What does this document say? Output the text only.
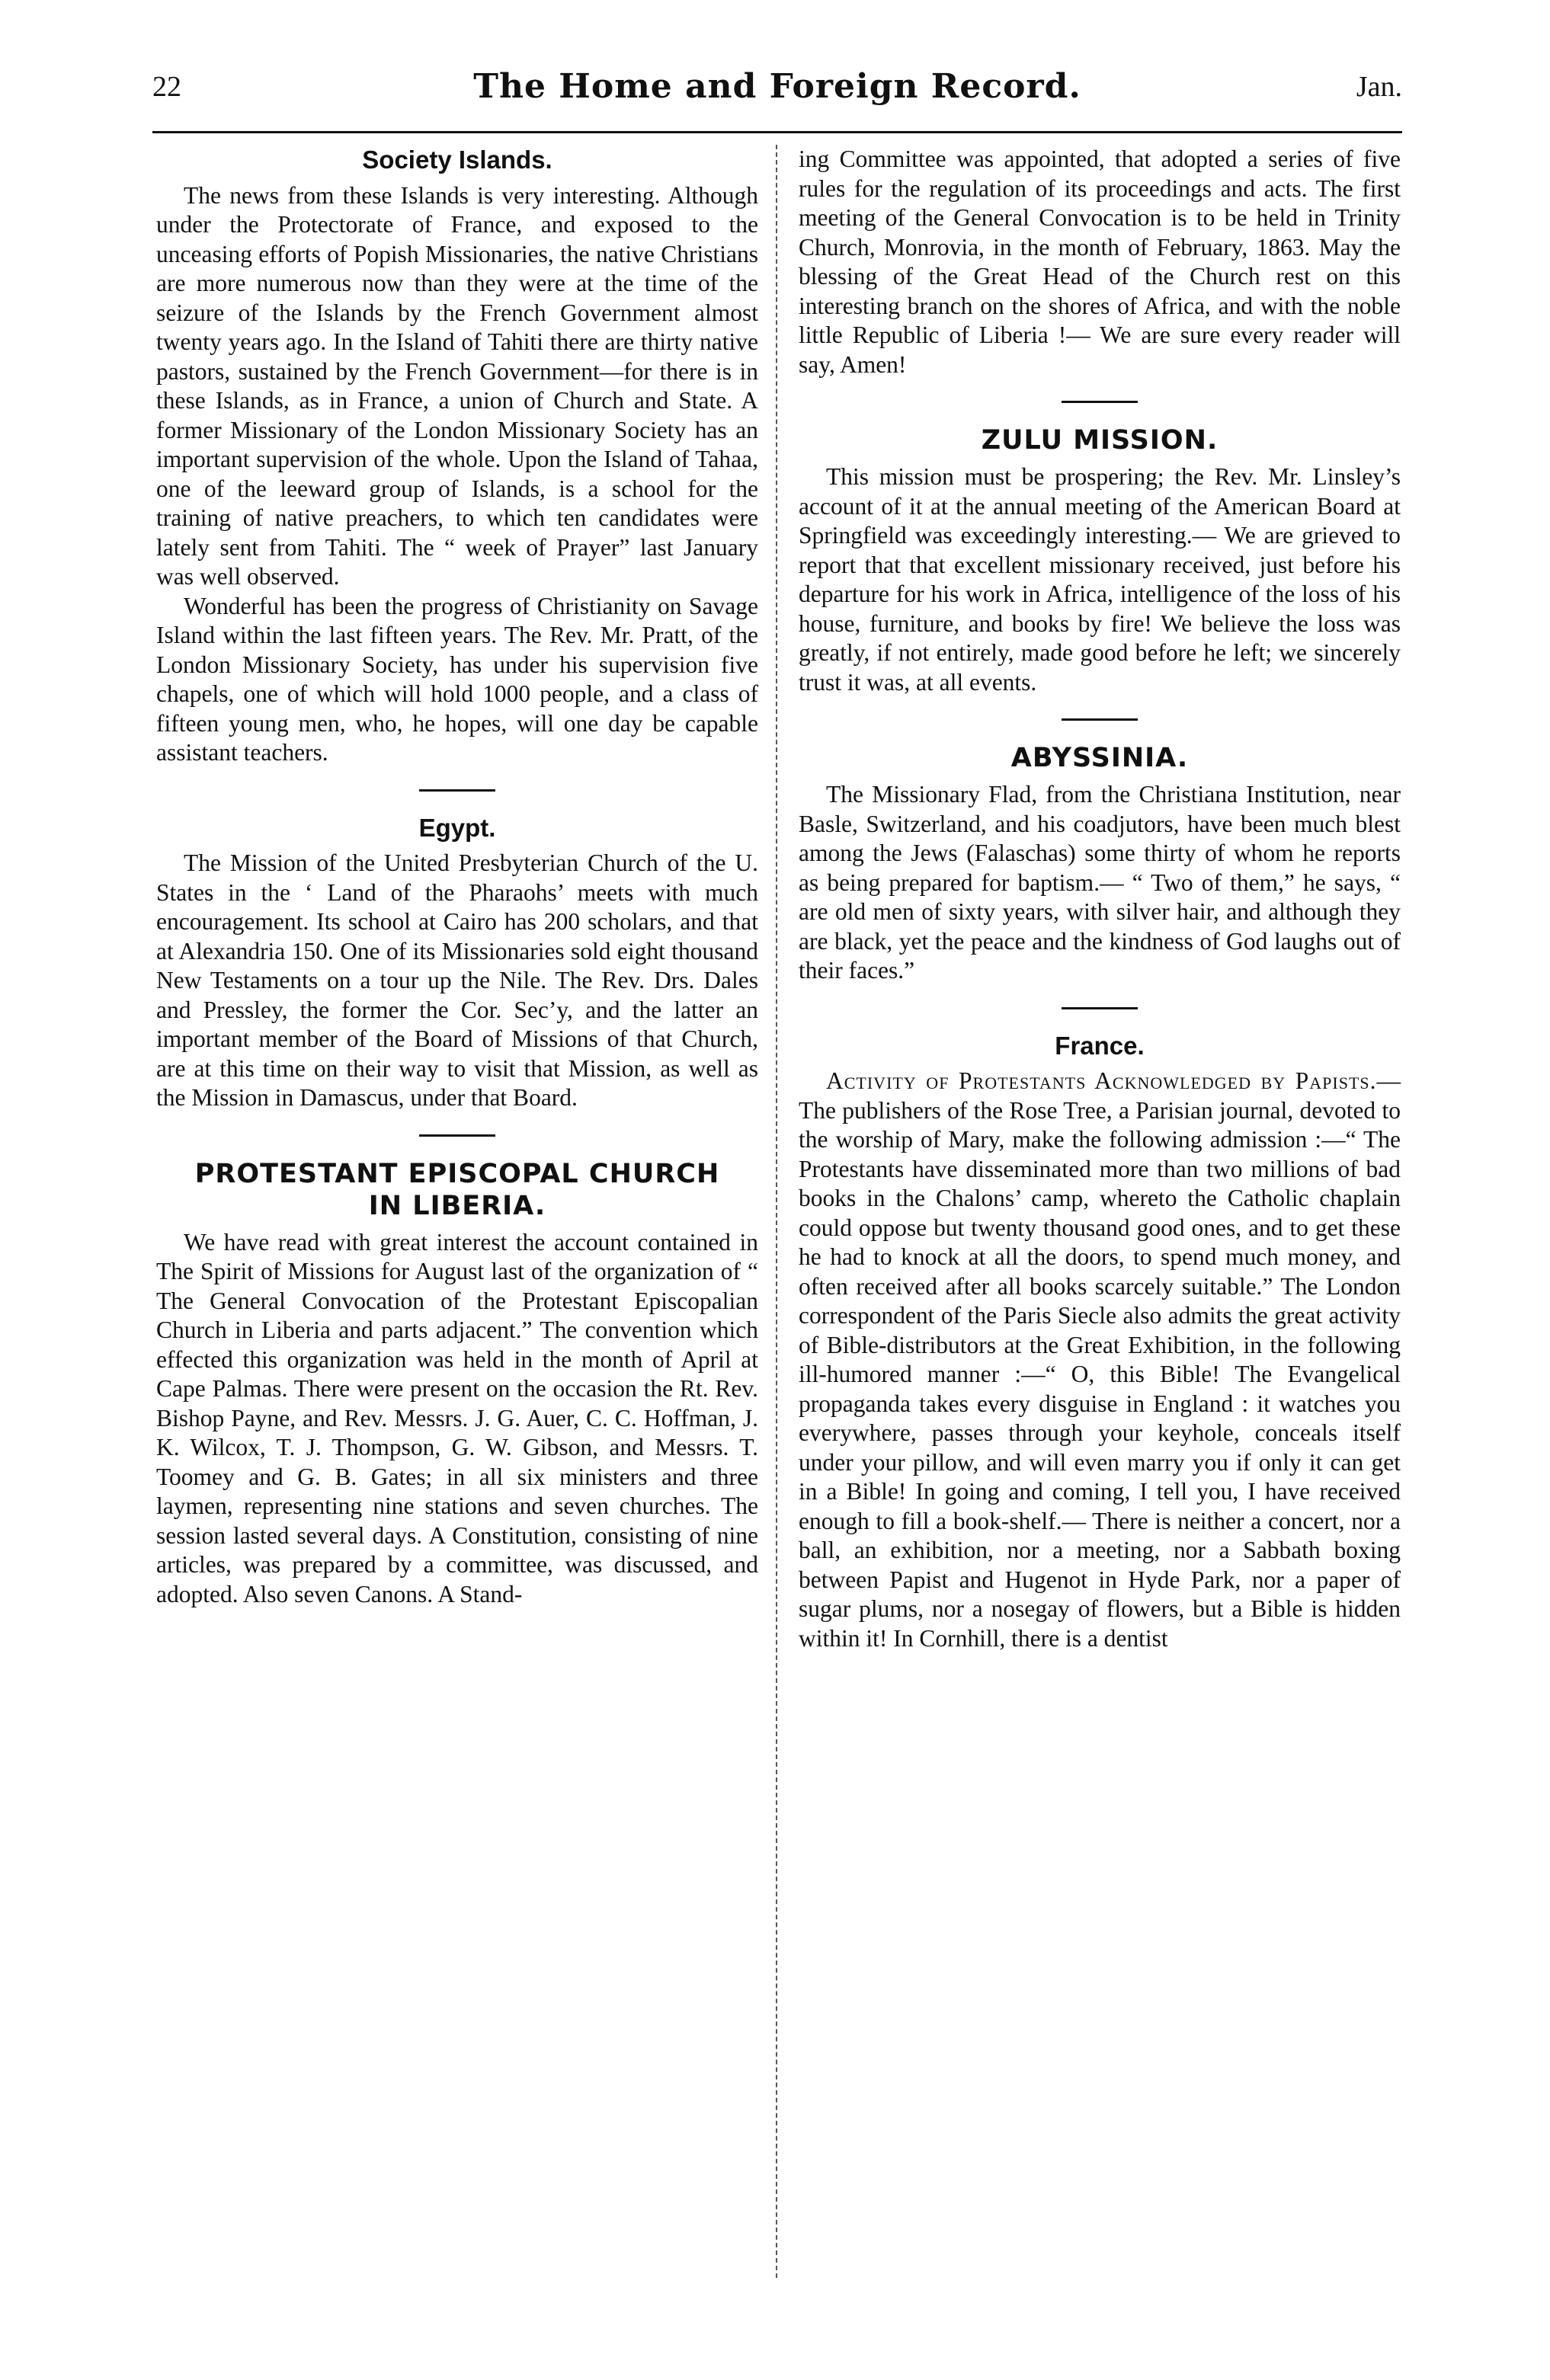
22	The Home and Foreign Record.	Jan.
Society Islands.

The news from these Islands is very interesting. Although under the Protectorate of France, and exposed to the unceasing efforts of Popish Missionaries, the native Christians are more numerous now than they were at the time of the seizure of the Islands by the French Government almost twenty years ago. In the Island of Tahiti there are thirty native pastors, sustained by the French Government—for there is in these Islands, as in France, a union of Church and State. A former Missionary of the London Missionary Society has an important supervision of the whole. Upon the Island of Tahaa, one of the leeward group of Islands, is a school for the training of native preachers, to which ten candidates were lately sent from Tahiti. The “ week of Prayer” last January was well observed.

Wonderful has been the progress of Christianity on Savage Island within the last fifteen years. The Rev. Mr. Pratt, of the London Missionary Society, has under his supervision five chapels, one of which will hold 1000 people, and a class of fifteen young men, who, he hopes, will one day be capable assistant teachers.

Egypt.

The Mission of the United Presbyterian Church of the U. States in the ‘ Land of the Pharaohs’ meets with much encouragement. Its school at Cairo has 200 scholars, and that at Alexandria 150. One of its Missionaries sold eight thousand New Testaments on a tour up the Nile. The Rev. Drs. Dales and Pressley, the former the Cor. Sec’y, and the latter an important member of the Board of Missions of that Church, are at this time on their way to visit that Mission, as well as the Mission in Damascus, under that Board.

PROTESTANT EPISCOPAL CHURCH IN LIBERIA.

We have read with great interest the account contained in The Spirit of Missions for August last of the organization of “ The General Convocation of the Protestant Episcopalian Church in Liberia and parts adjacent.” The convention which effected this organization was held in the month of April at Cape Palmas. There were present on the occasion the Rt. Rev. Bishop Payne, and Rev. Messrs. J. G. Auer, C. C. Hoffman, J. K. Wilcox, T. J. Thompson, G. W. Gibson, and Messrs. T. Toomey and G. B. Gates; in all six ministers and three laymen, representing nine stations and seven churches. The session lasted several days. A Constitution, consisting of nine articles, was prepared by a committee, was discussed, and adopted. Also seven Canons. A Stand-

ing Committee was appointed, that adopted a series of five rules for the regulation of its proceedings and acts. The first meeting of the General Convocation is to be held in Trinity Church, Monrovia, in the month of February, 1863. May the blessing of the Great Head of the Church rest on this interesting branch on the shores of Africa, and with the noble little Republic of Liberia !— We are sure every reader will say, Amen!

ZULU MISSION.

This mission must be prospering; the Rev. Mr. Linsley’s account of it at the annual meeting of the American Board at Springfield was exceedingly interesting.— We are grieved to report that that excellent missionary received, just before his departure for his work in Africa, intelligence of the loss of his house, furniture, and books by fire! We believe the loss was greatly, if not entirely, made good before he left; we sincerely trust it was, at all events.

ABYSSINIA.

The Missionary Flad, from the Christiana Institution, near Basle, Switzerland, and his coadjutors, have been much blest among the Jews (Falaschas) some thirty of whom he reports as being prepared for baptism.— “ Two of them,” he says, “ are old men of sixty years, with silver hair, and although they are black, yet the peace and the kindness of God laughs out of their faces.”

France.

Activity of Protestants Acknowledged by Papists.—The publishers of the Rose Tree, a Parisian journal, devoted to the worship of Mary, make the following admission :—“ The Protestants have disseminated more than two millions of bad books in the Chalons’ camp, whereto the Catholic chaplain could oppose but twenty thousand good ones, and to get these he had to knock at all the doors, to spend much money, and often received after all books scarcely suitable.” The London correspondent of the Paris Siecle also admits the great activity of Bible-distributors at the Great Exhibition, in the following ill-humored manner :—“ O, this Bible! The Evangelical propaganda takes every disguise in England : it watches you everywhere, passes through your keyhole, conceals itself under your pillow, and will even marry you if only it can get in a Bible! In going and coming, I tell you, I have received enough to fill a book-shelf.— There is neither a concert, nor a ball, an exhibition, nor a meeting, nor a Sabbath boxing between Papist and Hugenot in Hyde Park, nor a paper of sugar plums, nor a nosegay of flowers, but a Bible is hidden within it! In Cornhill, there is a dentist
